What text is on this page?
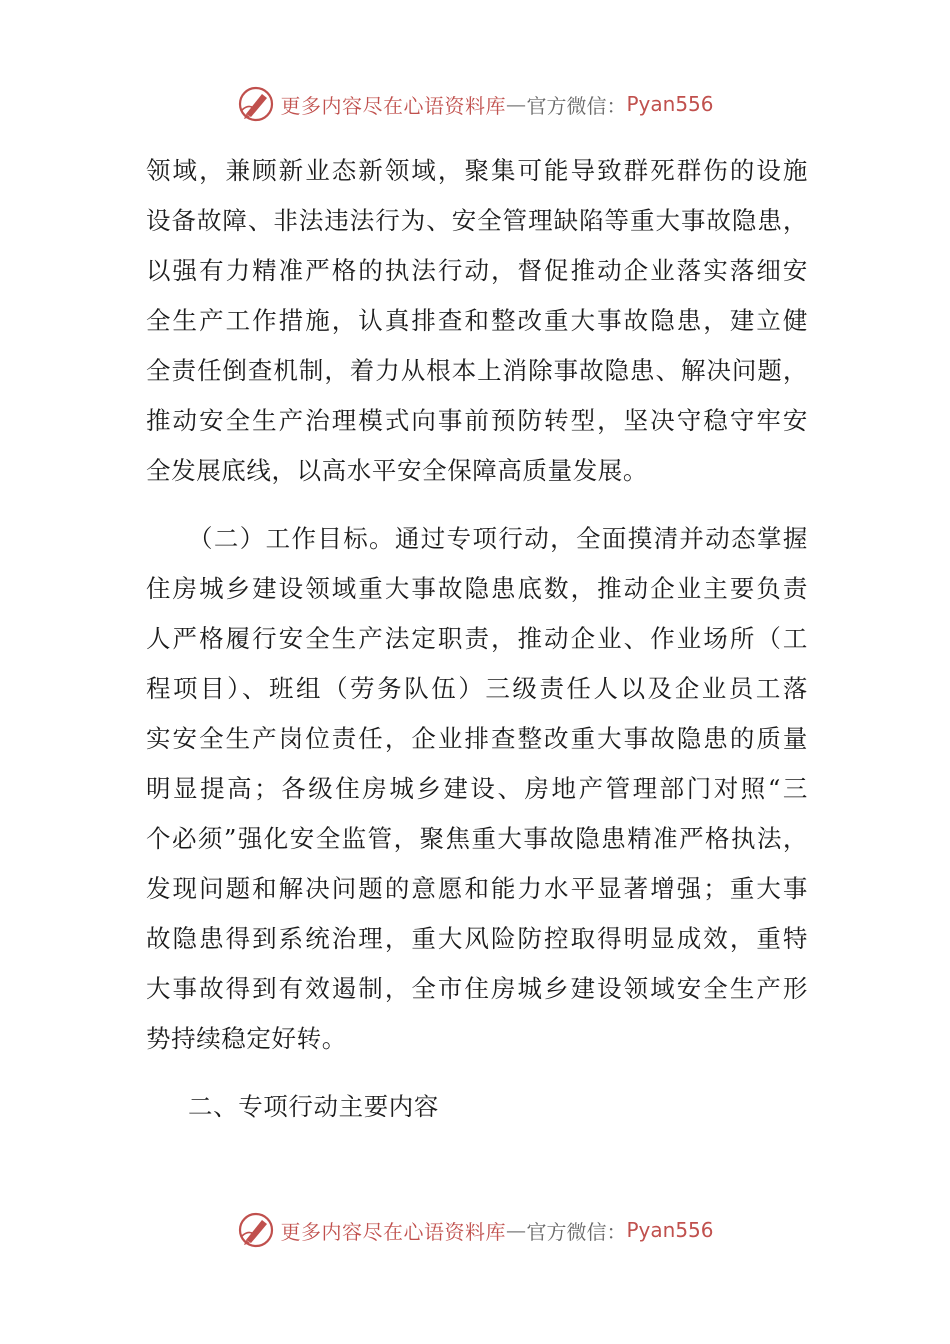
更多内容尽在心语资料库 — 官方微信： Pyan556

领域，兼顾新业态新领域，聚集可能导致群死群伤的设施

设备故障、非法违法行为、安全管理缺陷等重大事故隐患，

以强有力精准严格的执法行动，督促推动企业落实落细安

全生产工作措施，认真排查和整改重大事故隐患，建立健

全责任倒查机制，着力从根本上消除事故隐患、解决问题，

推动安全生产治理模式向事前预防转型，坚决守稳守牢安

全发展底线，以高水平安全保障高质量发展。

（二）工作目标。通过专项行动，全面摸清并动态掌握

住房城乡建设领域重大事故隐患底数，推动企业主要负责

人严格履行安全生产法定职责，推动企业、作业场所（工

程项目）、班组（劳务队伍）三级责任人以及企业员工落

实安全生产岗位责任，企业排查整改重大事故隐患的质量

明显提高；各级住房城乡建设、房地产管理部门对照“三

个必须”强化安全监管，聚焦重大事故隐患精准严格执法，

发现问题和解决问题的意愿和能力水平显著增强；重大事

故隐患得到系统治理，重大风险防控取得明显成效，重特

大事故得到有效遏制，全市住房城乡建设领域安全生产形

势持续稳定好转。

二、专项行动主要内容

更多内容尽在心语资料库 — 官方微信： Pyan556
